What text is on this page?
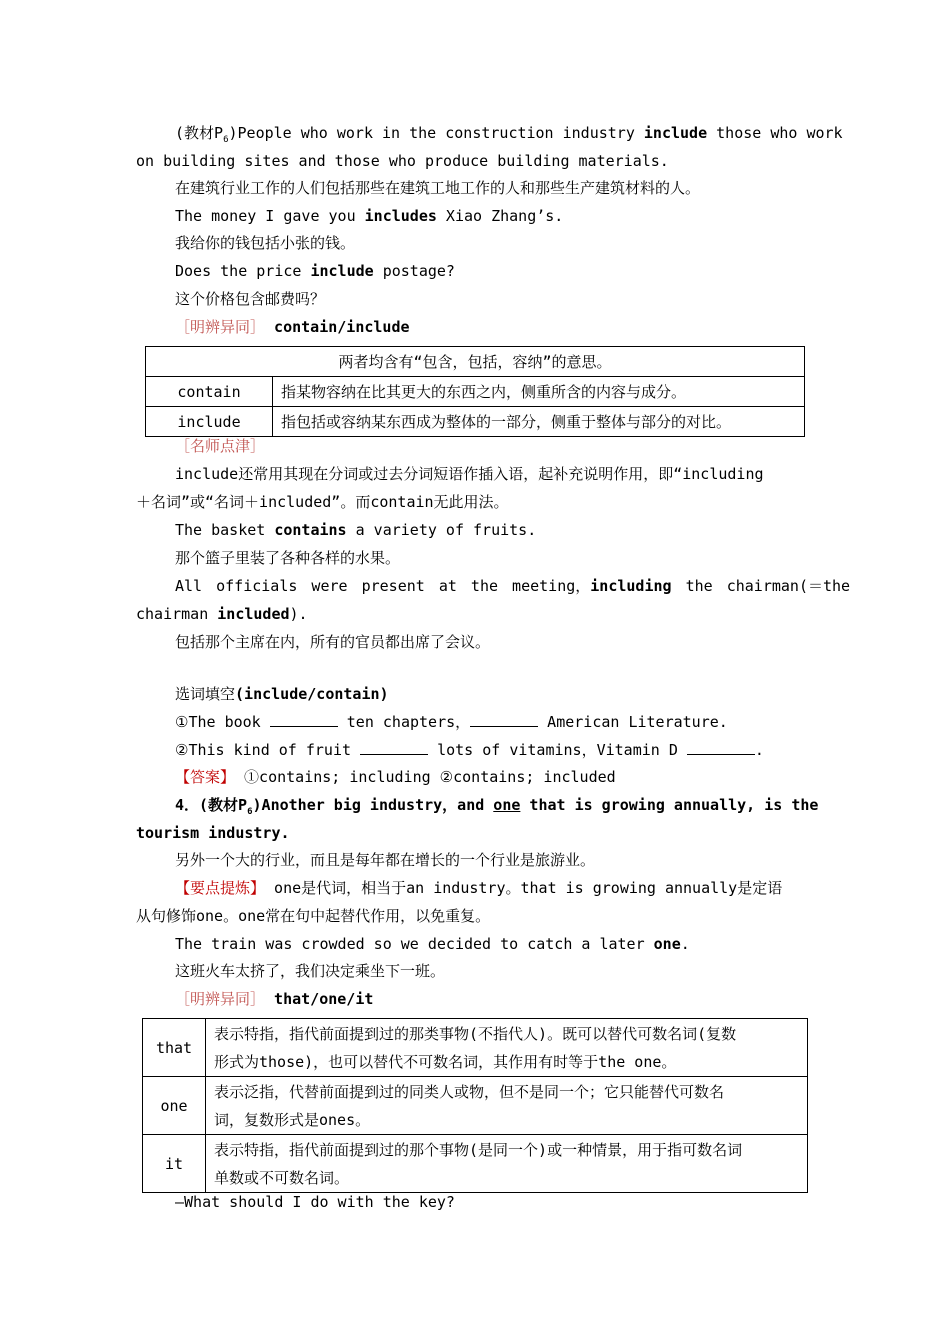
(教材$P_6)People$ who work in the construction industry include those who work
on building sites and those who produce building materials.
在建筑行业工作的人们包括那些在建筑工地工作的人和那些生产建筑材料的人。
The money I gave you includes Xiao Zhang’s.
我给你的钱包括小张的钱。
Does the price include postage?
这个价格包含邮费吗？
［明辨异同］ contain/include
两者均含有“包含，包括，容纳”的意思。	
contain	指某物容纳在比其更大的东西之内，侧重所含的内容与成分。
include	指包括或容纳某东西成为整体的一部分，侧重于整体与部分的对比。
［名师点津］
include还常用其现在分词或过去分词短语作插入语，起补充说明作用，即“including
＋名词”或“名词＋included”。而contain无此用法。
The basket contains a variety of fruits.
那个篮子里装了各种各样的水果。
All officials were present at the meeting，including the chairman(＝the
chairman included).
包括那个主席在内，所有的官员都出席了会议。
选词填空(include/contain)
①The book	ten chapters，	American Literature.
②This kind of fruit	lots of vitamins，Vitamin D	.
【答案】 ①contains; including ②contains; included
4．(教材$P_6)Another$ big industry，and one that is growing annually, is the
tourism industry.
另外一个大的行业，而且是每年都在增长的一个行业是旅游业。
【要点提炼】 one是代词，相当于an industry。that is growing annually是定语
从句修饰one。one常在句中起替代作用，以免重复。
The train was crowded so we decided to catch a later one.
这班火车太挤了，我们决定乘坐下一班。
［明辨异同］ that/one/it
that	表示特指，指代前面提到过的那类事物(不指代人)。既可以替代可数名词(复数
形式为those)，也可以替代不可数名词，其作用有时等于the one。

one	表示泛指，代替前面提到过的同类人或物，但不是同一个；它只能替代可数名
词，复数形式是ones。

it	表示特指，指代前面提到过的那个事物(是同一个)或一种情景，用于指可数名词
单数或不可数名词。
—What should I do with the key?
